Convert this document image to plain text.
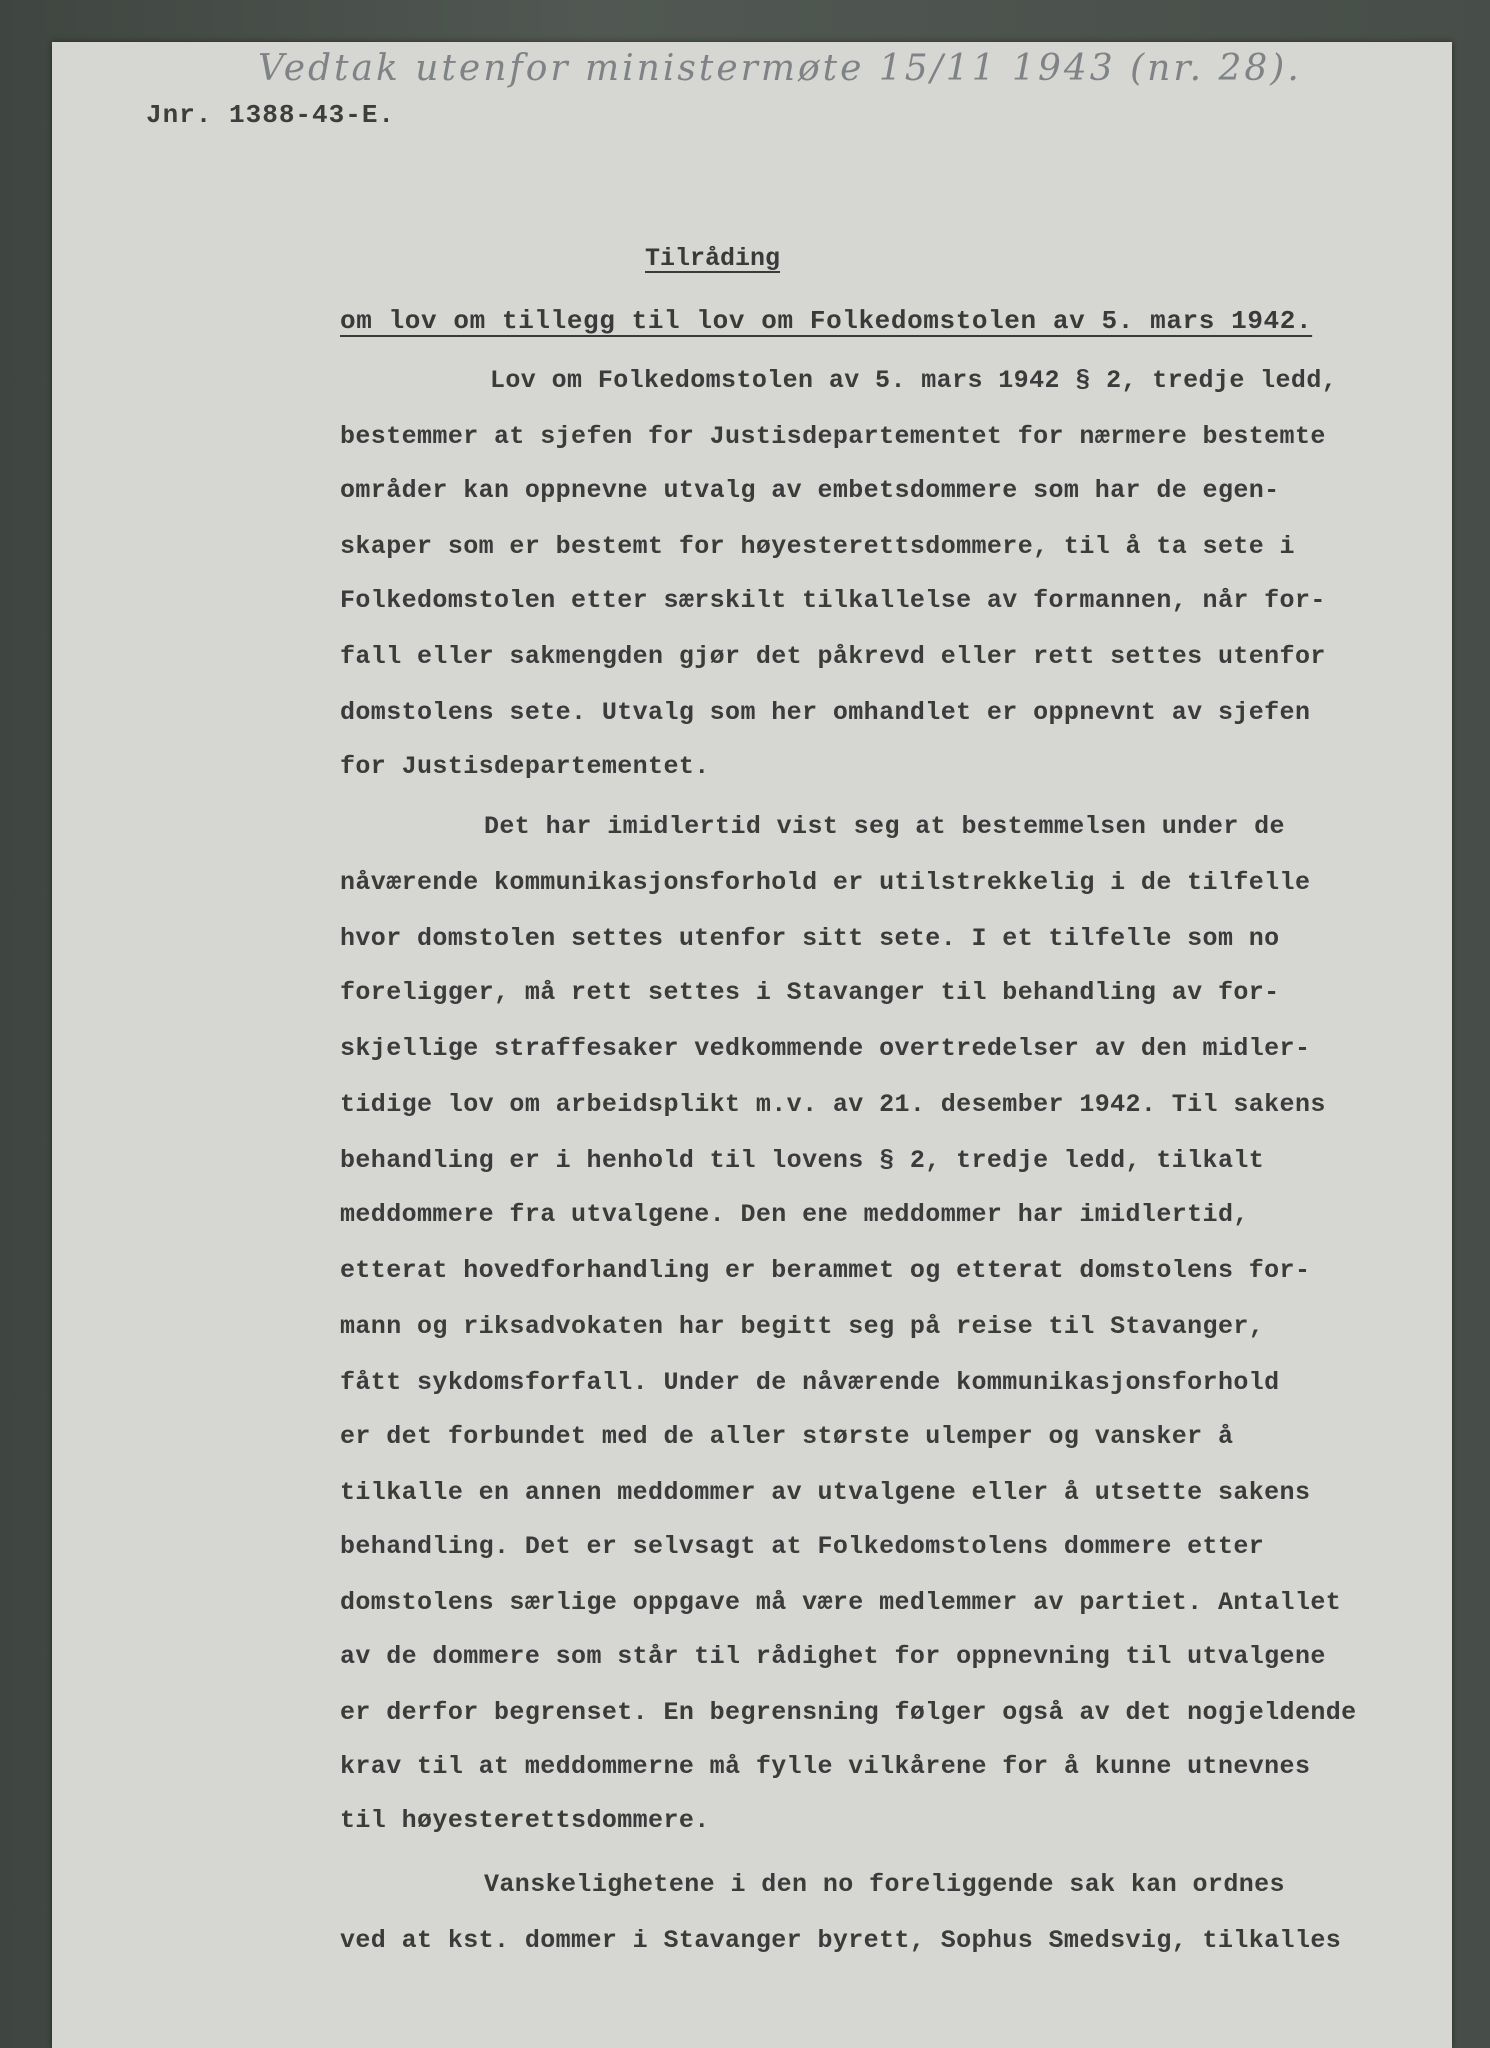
Vedtak utenfor ministermøte 15/11 1943 (nr. 28).
Jnr. 1388-43-E.
Tilråding
om lov om tillegg til lov om Folkedomstolen av 5. mars 1942.
Lov om Folkedomstolen av 5. mars 1942 § 2, tredje ledd,
bestemmer at sjefen for Justisdepartementet for nærmere bestemte
områder kan oppnevne utvalg av embetsdommere som har de egen-
skaper som er bestemt for høyesterettsdommere, til å ta sete i
Folkedomstolen etter særskilt tilkallelse av formannen, når for-
fall eller sakmengden gjør det påkrevd eller rett settes utenfor
domstolens sete. Utvalg som her omhandlet er oppnevnt av sjefen
for Justisdepartementet.
Det har imidlertid vist seg at bestemmelsen under de
nåværende kommunikasjonsforhold er utilstrekkelig i de tilfelle
hvor domstolen settes utenfor sitt sete. I et tilfelle som no
foreligger, må rett settes i Stavanger til behandling av for-
skjellige straffesaker vedkommende overtredelser av den midler-
tidige lov om arbeidsplikt m.v. av 21. desember 1942. Til sakens
behandling er i henhold til lovens § 2, tredje ledd, tilkalt
meddommere fra utvalgene. Den ene meddommer har imidlertid,
etterat hovedforhandling er berammet og etterat domstolens for-
mann og riksadvokaten har begitt seg på reise til Stavanger,
fått sykdomsforfall. Under de nåværende kommunikasjonsforhold
er det forbundet med de aller største ulemper og vansker å
tilkalle en annen meddommer av utvalgene eller å utsette sakens
behandling. Det er selvsagt at Folkedomstolens dommere etter
domstolens særlige oppgave må være medlemmer av partiet. Antallet
av de dommere som står til rådighet for oppnevning til utvalgene
er derfor begrenset. En begrensning følger også av det nogjeldende
krav til at meddommerne må fylle vilkårene for å kunne utnevnes
til høyesterettsdommere.
Vanskelighetene i den no foreliggende sak kan ordnes
ved at kst. dommer i Stavanger byrett, Sophus Smedsvig, tilkalles
